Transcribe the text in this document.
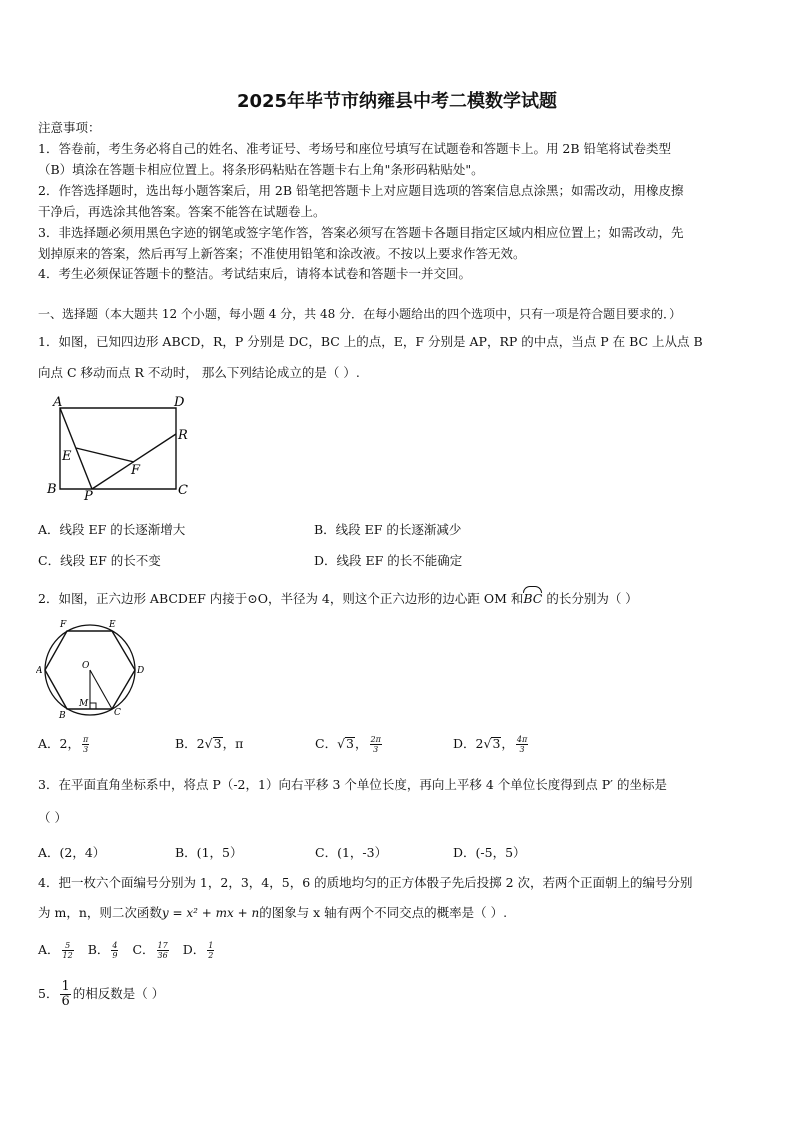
2025年毕节市纳雍县中考二模数学试题
注意事项：
1．答卷前，考生务必将自己的姓名、准考证号、考场号和座位号填写在试题卷和答题卡上。用 2B 铅笔将试卷类型
（B）填涂在答题卡相应位置上。将条形码粘贴在答题卡右上角"条形码粘贴处"。
2．作答选择题时，选出每小题答案后，用 2B 铅笔把答题卡上对应题目选项的答案信息点涂黑；如需改动，用橡皮擦
干净后，再选涂其他答案。答案不能答在试题卷上。
3．非选择题必须用黑色字迹的钢笔或签字笔作答，答案必须写在答题卡各题目指定区域内相应位置上；如需改动，先
划掉原来的答案，然后再写上新答案；不准使用铅笔和涂改液。不按以上要求作答无效。
4．考生必须保证答题卡的整洁。考试结束后，请将本试卷和答题卡一并交回。
一、选择题（本大题共 12 个小题，每小题 4 分，共 48 分．在每小题给出的四个选项中，只有一项是符合题目要求的．）
1．如图，已知四边形 ABCD，R，P 分别是 DC，BC 上的点，E，F 分别是 AP，RP 的中点，当点 P 在 BC 上从点 B
向点 C 移动而点 R 不动时， 那么下列结论成立的是（ ）.
A	D
R
E
F
B P	C
A．线段 EF 的长逐渐增大	B．线段 EF 的长逐渐减少
C．线段 EF 的长不变	D．线段 EF 的长不能确定
2．如图，正六边形 ABCDEF 内接于⊙O，半径为 4，则这个正六边形的边心距 OM 和BC 的长分别为（ ）
F	E
A	O	D
M
B	C
A．2， $\frac{\pi}{3}$	B．2√3，π	C．√3， $\frac{2\pi}{3}$	D．2√3， $\frac{4\pi}{3}$
3．在平面直角坐标系中，将点 P（-2，1）向右平移 3 个单位长度，再向上平移 4 个单位长度得到点 P′ 的坐标是
（ ）
A．(2，4）	B．(1，5）	C．(1，-3）	D．(-5，5）
4．把一枚六个面编号分别为 1，2，3，4，5，6 的质地均匀的正方体骰子先后投掷 2 次，若两个正面朝上的编号分别
为 m，n，则二次函数y = x² + mx + n的图象与 x 轴有两个不同交点的概率是（ ）.
A． $\frac{5}{12}$ B． $\frac{4}{9}$ C． $\frac{17}{36}$ D． $\frac{1}{2}$
5． $\frac{1}{6}$ 的相反数是（ ）
